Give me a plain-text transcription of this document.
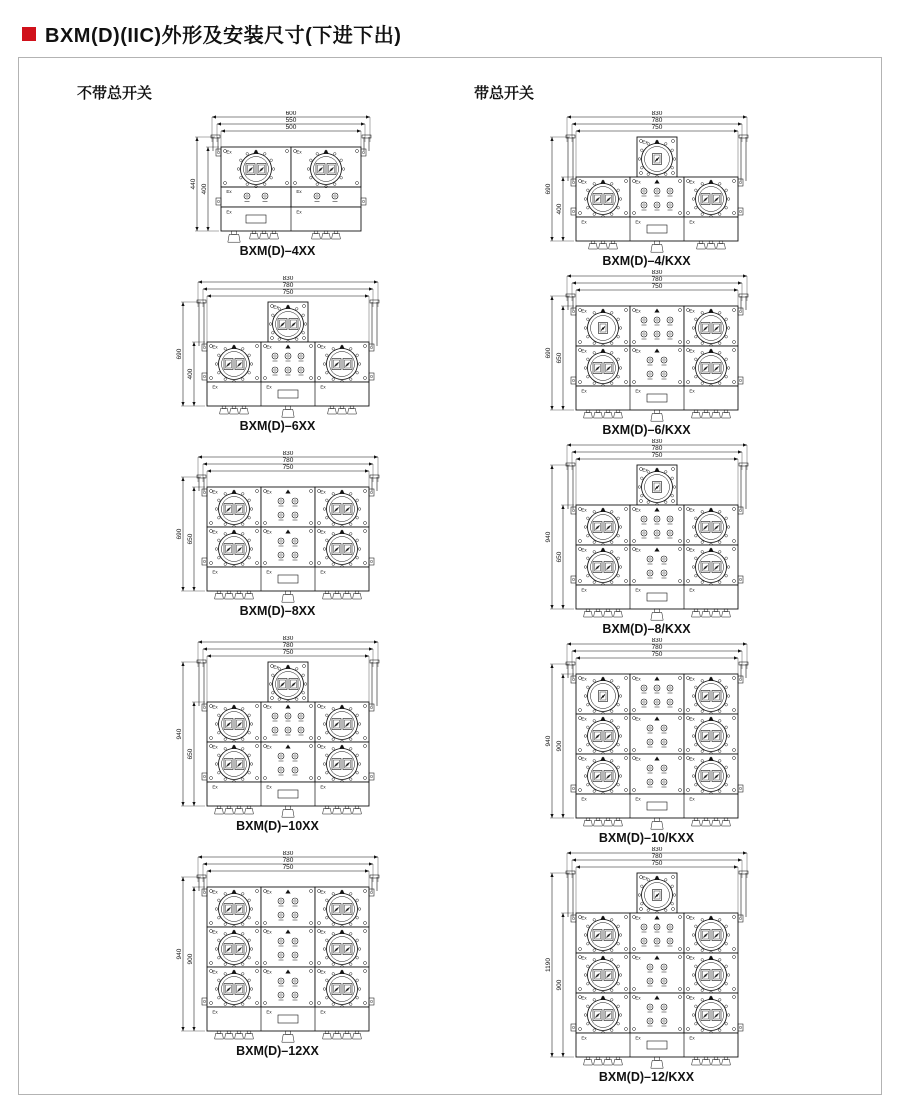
BXM(D)(IIC)外形及安装尺寸(下进下出)
不带总开关
600
550
500
Ex	Ex
Ex	Ex
Ex	Ex
440 400
BXM(D)–4XX
830
780
750
Ex
Ex	Ex	Ex
Ex	Ex	Ex
690
400
BXM(D)–6XX
830
780
750
Ex	Ex	Ex
Ex	Ex	Ex
Ex	Ex	Ex
690 650
BXM(D)–8XX
830
780
750
Ex
Ex	Ex	Ex
Ex	Ex	Ex
Ex	Ex	Ex
940
650
BXM(D)–10XX
830
780
750
Ex	Ex	Ex
Ex	Ex	Ex
Ex	Ex	Ex
Ex	Ex	Ex
940 900
BXM(D)–12XX
带总开关
830
780
750
Ex
Ex	Ex	Ex
Ex	Ex	Ex
690
400
BXM(D)–4/KXX
830
780
750
Ex	Ex	Ex
Ex	Ex	Ex
Ex	Ex	Ex
690 650
BXM(D)–6/KXX
830
780
750
Ex
Ex	Ex	Ex
Ex	Ex	Ex
Ex	Ex	Ex
940
650
BXM(D)–8/KXX
830
780
750
Ex	Ex	Ex
Ex	Ex	Ex
Ex	Ex	Ex
Ex	Ex	Ex
940 900
BXM(D)–10/KXX
830
780
750
Ex
Ex	Ex	Ex
Ex	Ex	Ex
Ex	Ex	Ex
Ex	Ex	Ex
1190
900
BXM(D)–12/KXX
